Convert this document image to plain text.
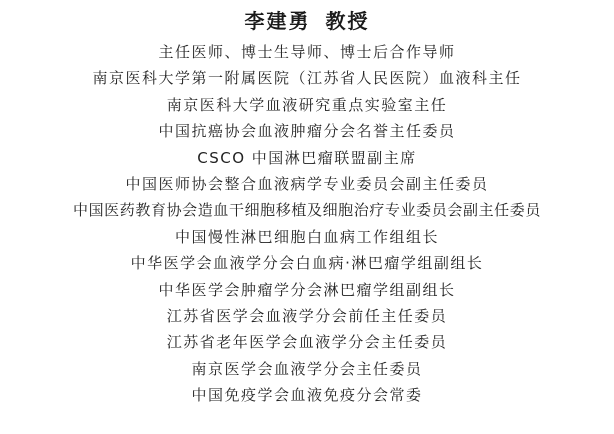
李建勇 教授
主任医师、博士生导师、博士后合作导师
南京医科大学第一附属医院（江苏省人民医院）血液科主任
南京医科大学血液研究重点实验室主任
中国抗癌协会血液肿瘤分会名誉主任委员
CSCO 中国淋巴瘤联盟副主席
中国医师协会整合血液病学专业委员会副主任委员
中国医药教育协会造血干细胞移植及细胞治疗专业委员会副主任委员
中国慢性淋巴细胞白血病工作组组长
中华医学会血液学分会白血病·淋巴瘤学组副组长
中华医学会肿瘤学分会淋巴瘤学组副组长
江苏省医学会血液学分会前任主任委员
江苏省老年医学会血液学分会主任委员
南京医学会血液学分会主任委员
中国免疫学会血液免疫分会常委
